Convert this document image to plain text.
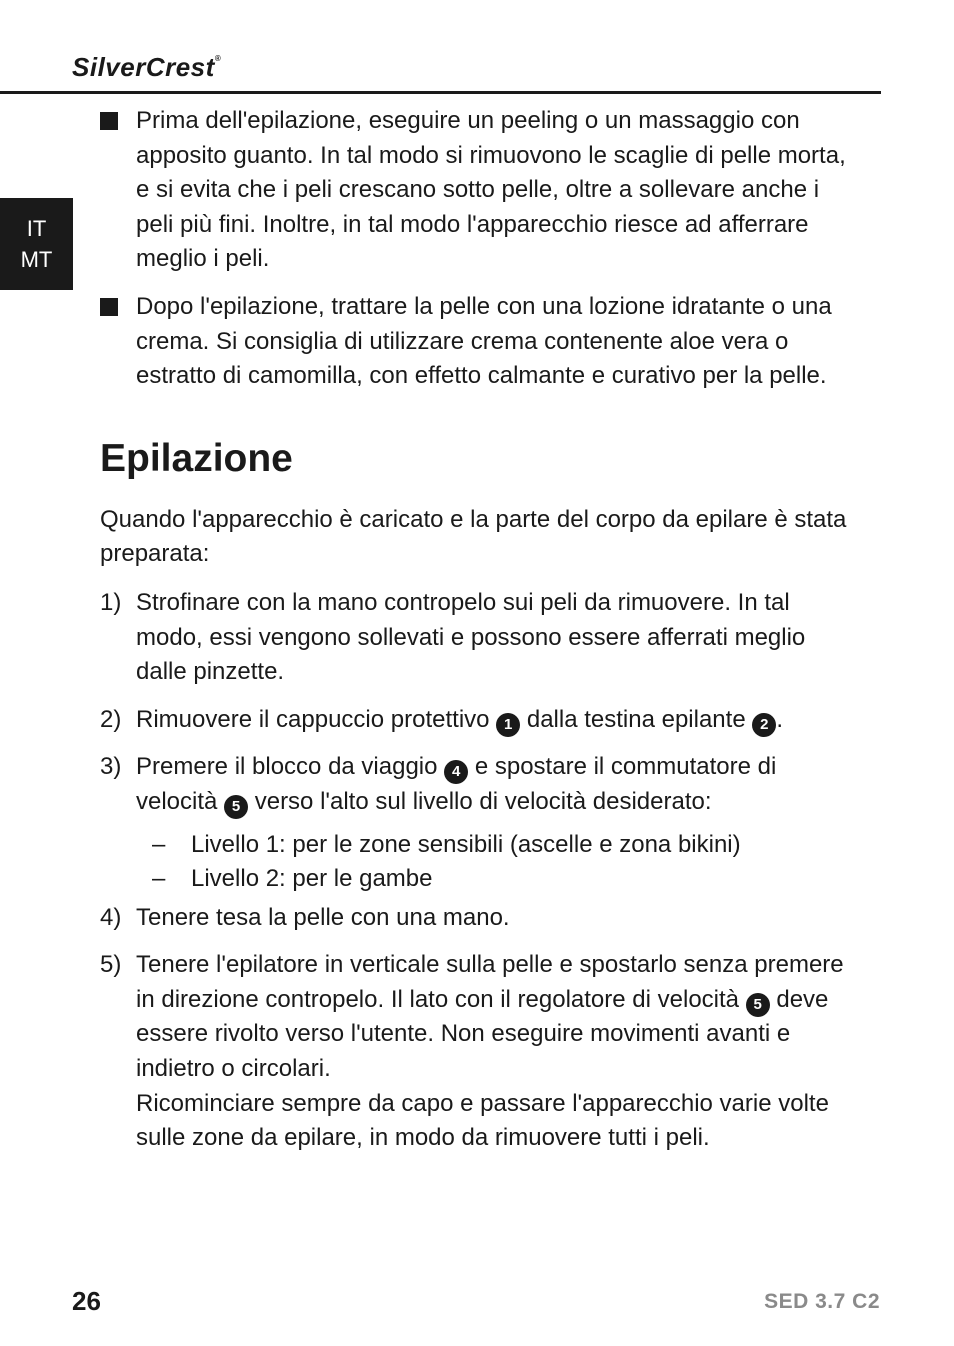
SilverCrest®
IT
MT
Prima dell'epilazione, eseguire un peeling o un massaggio con apposito guanto. In tal modo si rimuovono le scaglie di pelle morta, e si evita che i peli crescano sotto pelle, oltre a sollevare anche i peli più fini. Inoltre, in tal modo l'apparecchio riesce ad afferrare meglio i peli.
Dopo l'epilazione, trattare la pelle con una lozione idratante o una crema. Si consiglia di utilizzare crema contenente aloe vera o estratto di camomilla, con effetto calmante e curativo per la pelle.
Epilazione
Quando l'apparecchio è caricato e la parte del corpo da epilare è stata preparata:
1) Strofinare con la mano contropelo sui peli da rimuovere. In tal modo, essi vengono sollevati e possono essere afferrati meglio dalle pinzette.
2) Rimuovere il cappuccio protettivo 1 dalla testina epilante 2 .
3) Premere il blocco da viaggio 4 e spostare il commutatore di velocità 5 verso l'alto sul livello di velocità desiderato:
– Livello 1: per le zone sensibili (ascelle e zona bikini)
– Livello 2: per le gambe
4) Tenere tesa la pelle con una mano.
5) Tenere l'epilatore in verticale sulla pelle e spostarlo senza premere in direzione contropelo. Il lato con il regolatore di velocità 5 deve essere rivolto verso l'utente. Non eseguire movimenti avanti e indietro o circolari.
Ricominciare sempre da capo e passare l'apparecchio varie volte sulle zone da epilare, in modo da rimuovere tutti i peli.
26	SED 3.7 C2
